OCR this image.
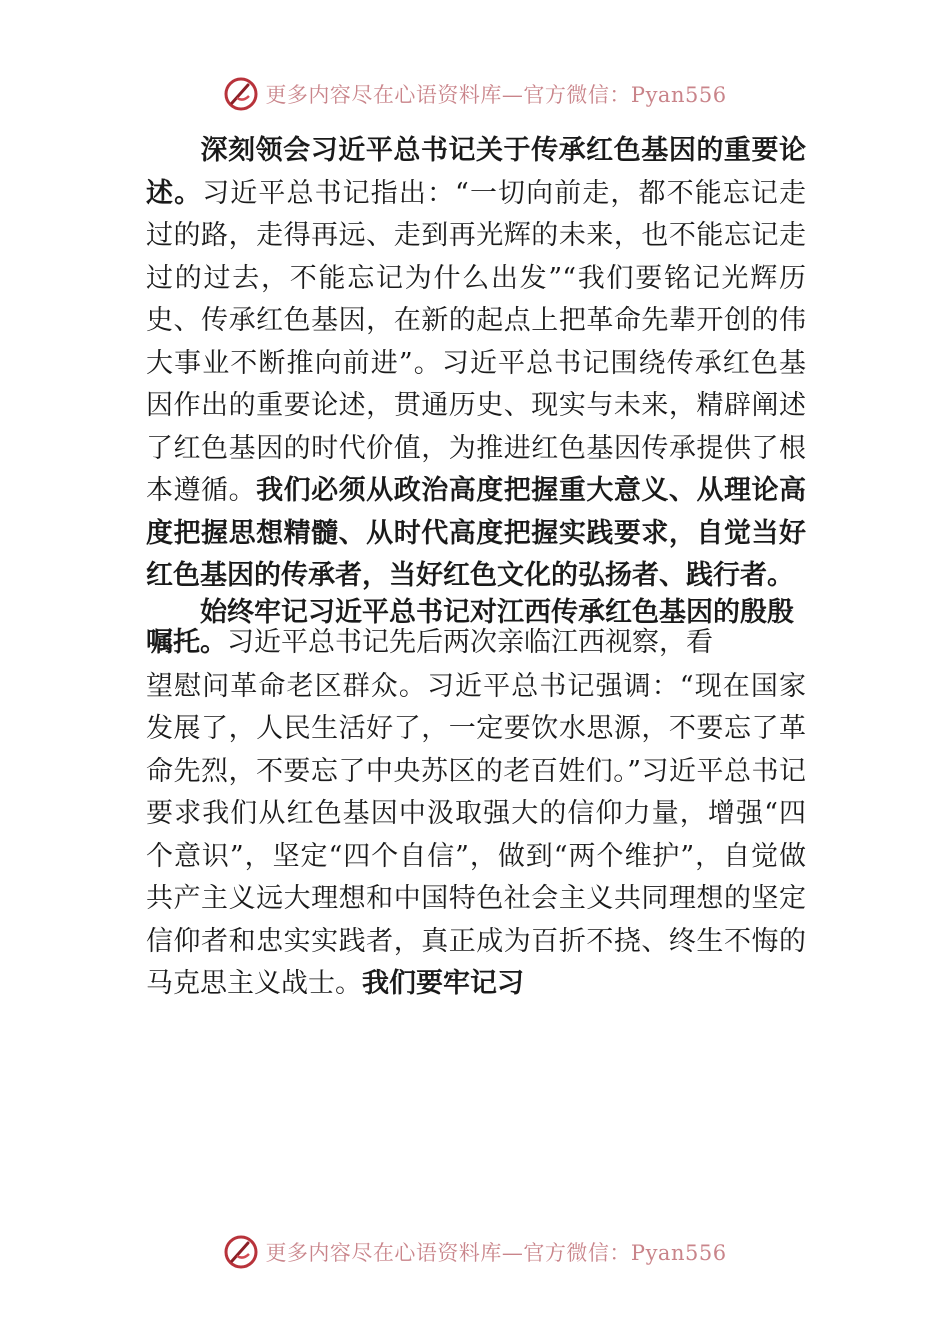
更多内容尽在心语资料库—官方微信：Pyan556

深刻领会习近平总书记关于传承红色基因的重要论述。习近平总书记指出：“一切向前走，都不能忘记走过的路，走得再远、走到再光辉的未来，也不能忘记走过的过去，不能忘记为什么出发”“我们要铭记光辉历史、传承红色基因，在新的起点上把革命先辈开创的伟大事业不断推向前进”。习近平总书记围绕传承红色基因作出的重要论述，贯通历史、现实与未来，精辟阐述了红色基因的时代价值，为推进红色基因传承提供了根本遵循。我们必须从政治高度把握重大意义、从理论高度把握思想精髓、从时代高度把握实践要求，自觉当好红色基因的传承者，当好红色文化的弘扬者、践行者。

始终牢记习近平总书记对江西传承红色基因的殷殷嘱托。习近平总书记先后两次亲临江西视察，看

望慰问革命老区群众。习近平总书记强调：“现在国家发展了，人民生活好了，一定要饮水思源，不要忘了革命先烈，不要忘了中央苏区的老百姓们。”习近平总书记要求我们从红色基因中汲取强大的信仰力量，增强“四个意识”，坚定“四个自信”，做到“两个维护”，自觉做共产主义远大理想和中国特色社会主义共同理想的坚定信仰者和忠实实践者，真正成为百折不挠、终生不悔的马克思主义战士。我们要牢记习

更多内容尽在心语资料库—官方微信：Pyan556
